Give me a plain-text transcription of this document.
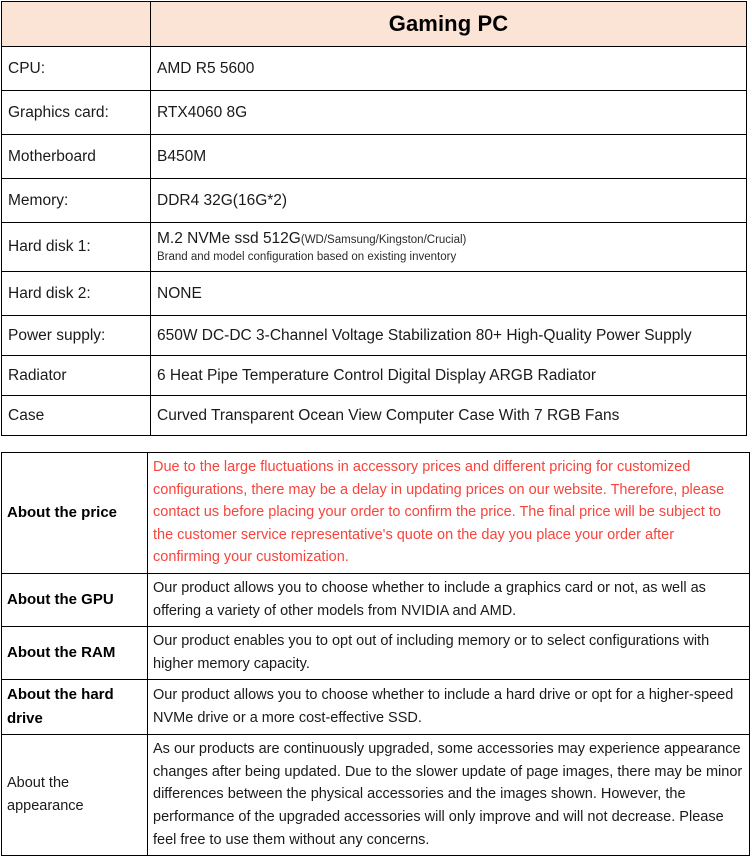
	Gaming PC
CPU:	AMD R5 5600
Graphics card:	RTX4060 8G
Motherboard	B450M
Memory:	DDR4 32G(16G*2)
Hard disk 1:	M.2 NVMe ssd 512G(WD/Samsung/Kingston/Crucial)
Brand and model configuration based on existing inventory

Hard disk 2:	NONE
Power supply:	650W DC-DC 3-Channel Voltage Stabilization 80+ High-Quality Power Supply
Radiator	6 Heat Pipe Temperature Control Digital Display ARGB Radiator
Case	Curved Transparent Ocean View Computer Case With 7 RGB Fans
About the price	Due to the large fluctuations in accessory prices and different pricing for customized configurations, there may be a delay in updating prices on our website. Therefore, please contact us before placing your order to confirm the price. The final price will be subject to the customer service representative's quote on the day you place your order after confirming your customization.
About the GPU	Our product allows you to choose whether to include a graphics card or not, as well as offering a variety of other models from NVIDIA and AMD.
About the RAM	Our product enables you to opt out of including memory or to select configurations with higher memory capacity.
About the hard drive	Our product allows you to choose whether to include a hard drive or opt for a higher-speed NVMe drive or a more cost-effective SSD.
About the appearance	As our products are continuously upgraded, some accessories may experience appearance changes after being updated. Due to the slower update of page images, there may be minor differences between the physical accessories and the images shown. However, the performance of the upgraded accessories will only improve and will not decrease. Please feel free to use them without any concerns.
